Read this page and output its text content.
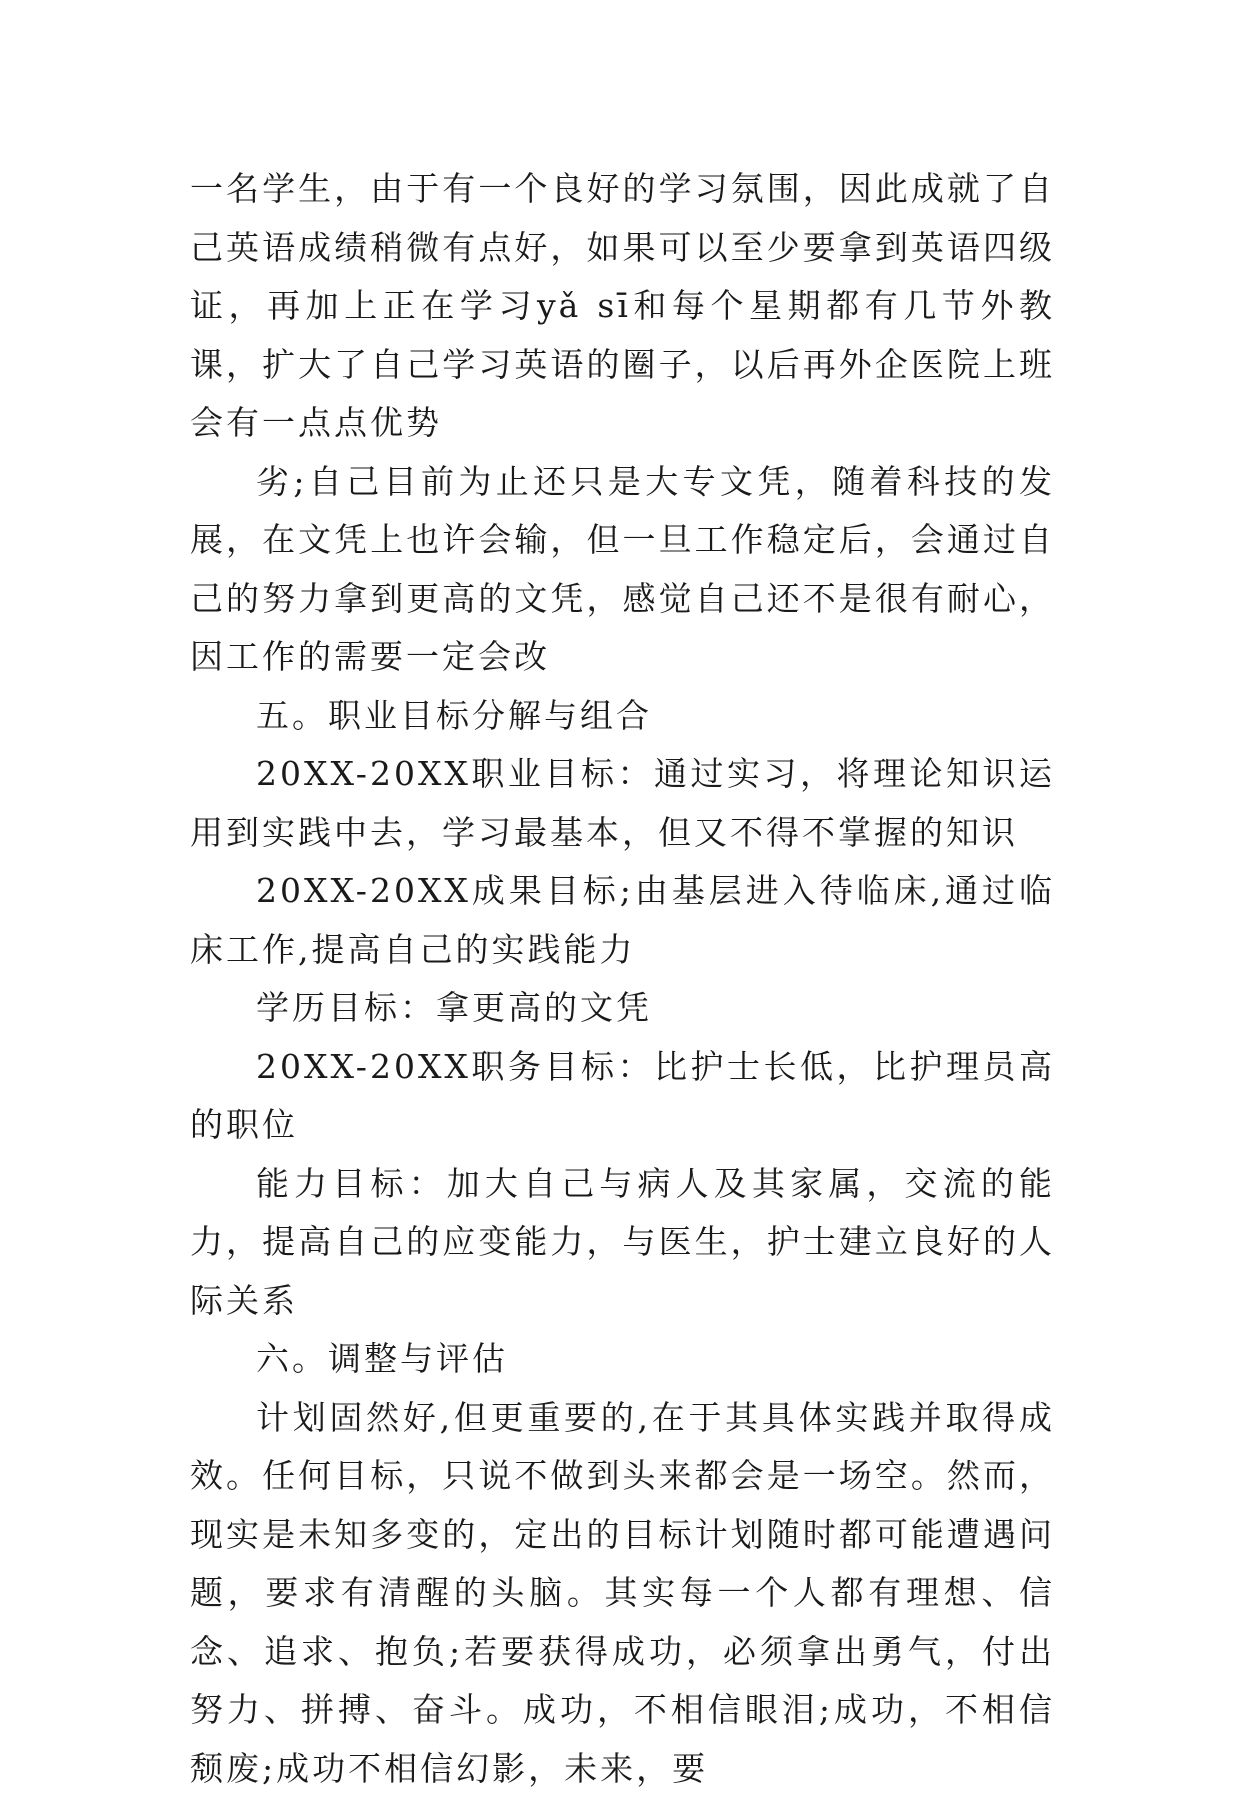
一名学生，由于有一个良好的学习氛围，因此成就了自己英语成绩稍微有点好，如果可以至少要拿到英语四级证，再加上正在学习yǎ sī和每个星期都有几节外教课，扩大了自己学习英语的圈子，以后再外企医院上班会有一点点优势

劣;自己目前为止还只是大专文凭，随着科技的发展，在文凭上也许会输，但一旦工作稳定后，会通过自己的努力拿到更高的文凭，感觉自己还不是很有耐心，因工作的需要一定会改

五。职业目标分解与组合

20XX-20XX职业目标：通过实习，将理论知识运用到实践中去，学习最基本，但又不得不掌握的知识

20XX-20XX成果目标;由基层进入待临床,通过临床工作,提高自己的实践能力

学历目标：拿更高的文凭

20XX-20XX职务目标：比护士长低，比护理员高的职位

能力目标：加大自己与病人及其家属，交流的能力，提高自己的应变能力，与医生，护士建立良好的人际关系

六。调整与评估

计划固然好,但更重要的,在于其具体实践并取得成效。任何目标，只说不做到头来都会是一场空。然而，现实是未知多变的，定出的目标计划随时都可能遭遇问题，要求有清醒的头脑。其实每一个人都有理想、信念、追求、抱负;若要获得成功，必须拿出勇气，付出努力、拼搏、奋斗。成功，不相信眼泪;成功，不相信颓废;成功不相信幻影，未来，要
